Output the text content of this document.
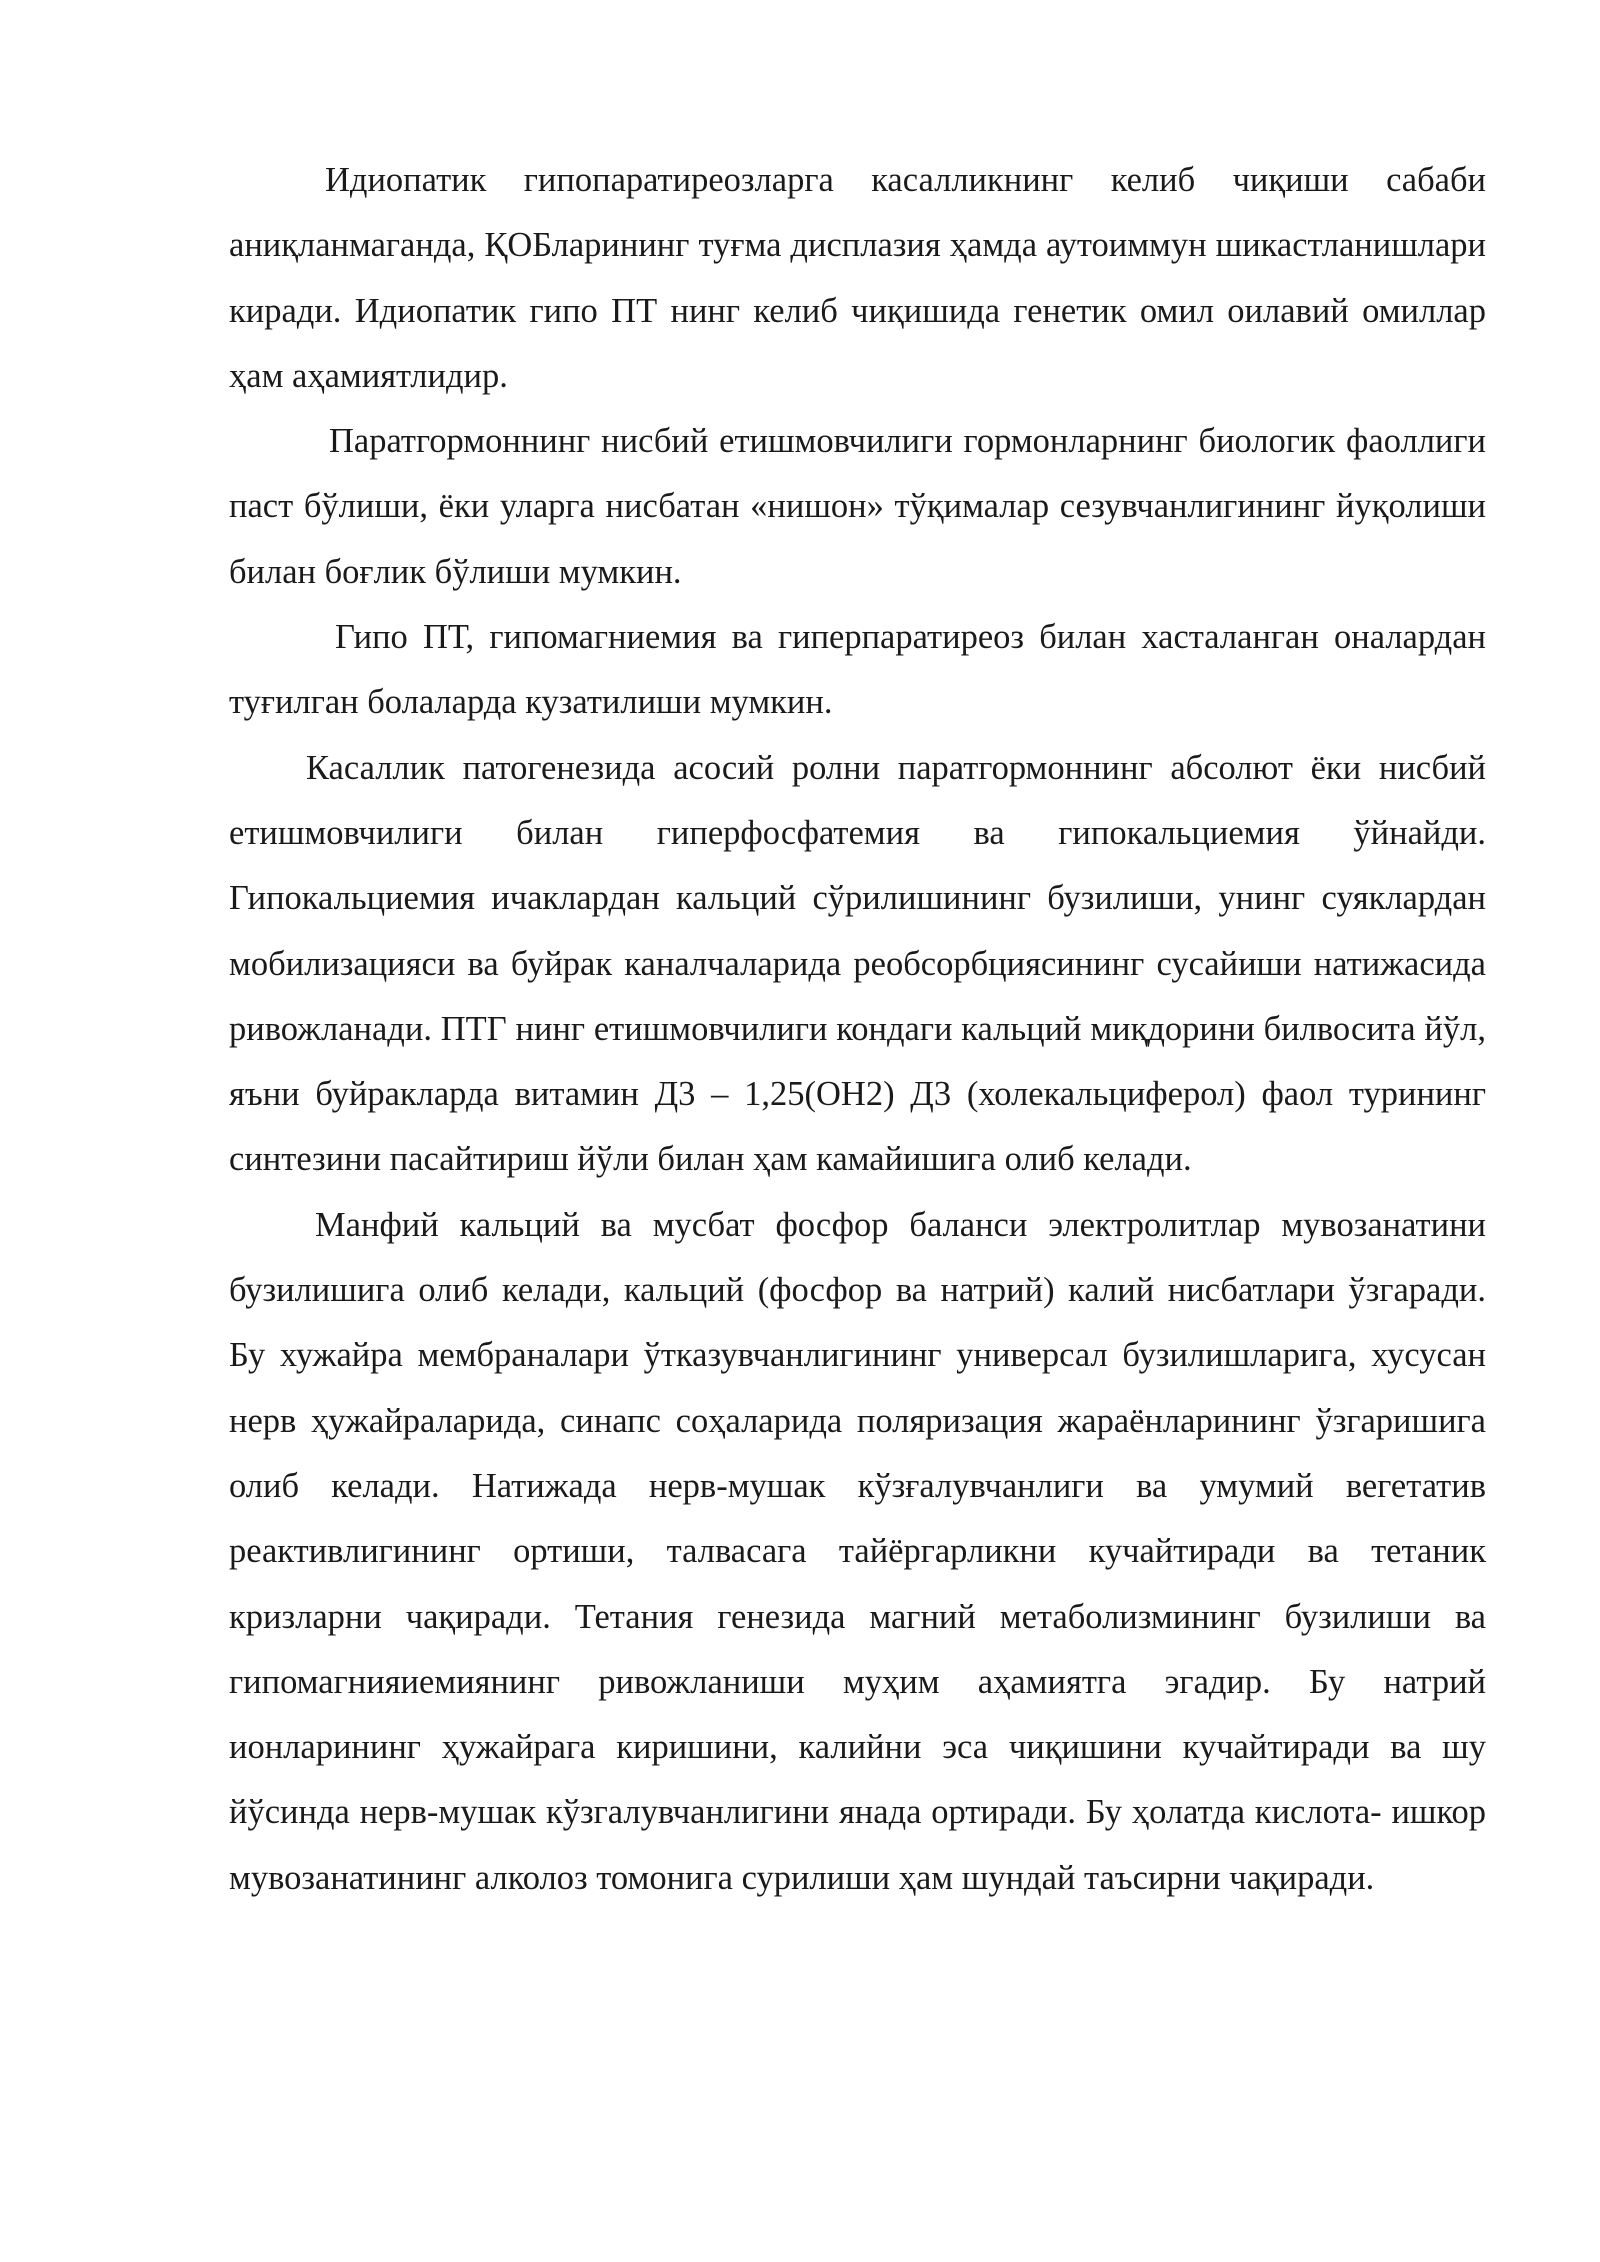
Идиопатик гипопаратиреозларга касалликнинг келиб чиқиши сабаби аниқланмаганда, ҚОБларининг туғма дисплазия ҳамда аутоиммун шикастланишлари киради. Идиопатик гипо ПТ нинг келиб чиқишида генетик омил оилавий омиллар ҳам аҳамиятлидир.

Паратгормоннинг нисбий етишмовчилиги гормонларнинг биологик фаоллиги паст бўлиши, ёки уларга нисбатан «нишон» тўқималар сезувчанлигининг йуқолиши билан боғлик бўлиши мумкин.

Гипо ПТ, гипомагниемия ва гиперпаратиреоз билан хасталанган оналардан туғилган болаларда кузатилиши мумкин.

Касаллик патогенезида асосий ролни паратгормоннинг абсолют ёки нисбий етишмовчилиги билан гиперфосфатемия ва гипокальциемия ўйнайди. Гипокальциемия ичаклардан кальций сўрилишининг бузилиши, унинг суяклардан мобилизацияси ва буйрак каналчаларида реобсорбциясининг сусайиши натижасида ривожланади. ПТГ нинг етишмовчилиги кондаги кальций миқдорини билвосита йўл, яъни буйракларда витамин Д3 – 1,25(ОН2) Д3 (холекальциферол) фаол турининг синтезини пасайтириш йўли билан ҳам камайишига олиб келади.

Манфий кальций ва мусбат фосфор баланси электролитлар мувозанатини бузилишига олиб келади, кальций (фосфор ва натрий) калий нисбатлари ўзгаради. Бу хужайра мембраналари ўтказувчанлигининг универсал бузилишларига, хусусан нерв ҳужайраларида, синапс соҳаларида поляризация жараёнларининг ўзгаришига олиб келади. Натижада нерв-мушак кўзғалувчанлиги ва умумий вегетатив реактивлигининг ортиши, талвасага тайёргарликни кучайтиради ва тетаник кризларни чақиради. Тетания генезида магний метаболизмининг бузилиши ва гипомагнияиемиянинг ривожланиши муҳим аҳамиятга эгадир. Бу натрий ионларининг ҳужайрага киришини, калийни эса чиқишини кучайтиради ва шу йўсинда нерв-мушак кўзгалувчанлигини янада ортиради. Бу ҳолатда кислота- ишкор мувозанатининг алколоз томонига сурилиши ҳам шундай таъсирни чақиради.
